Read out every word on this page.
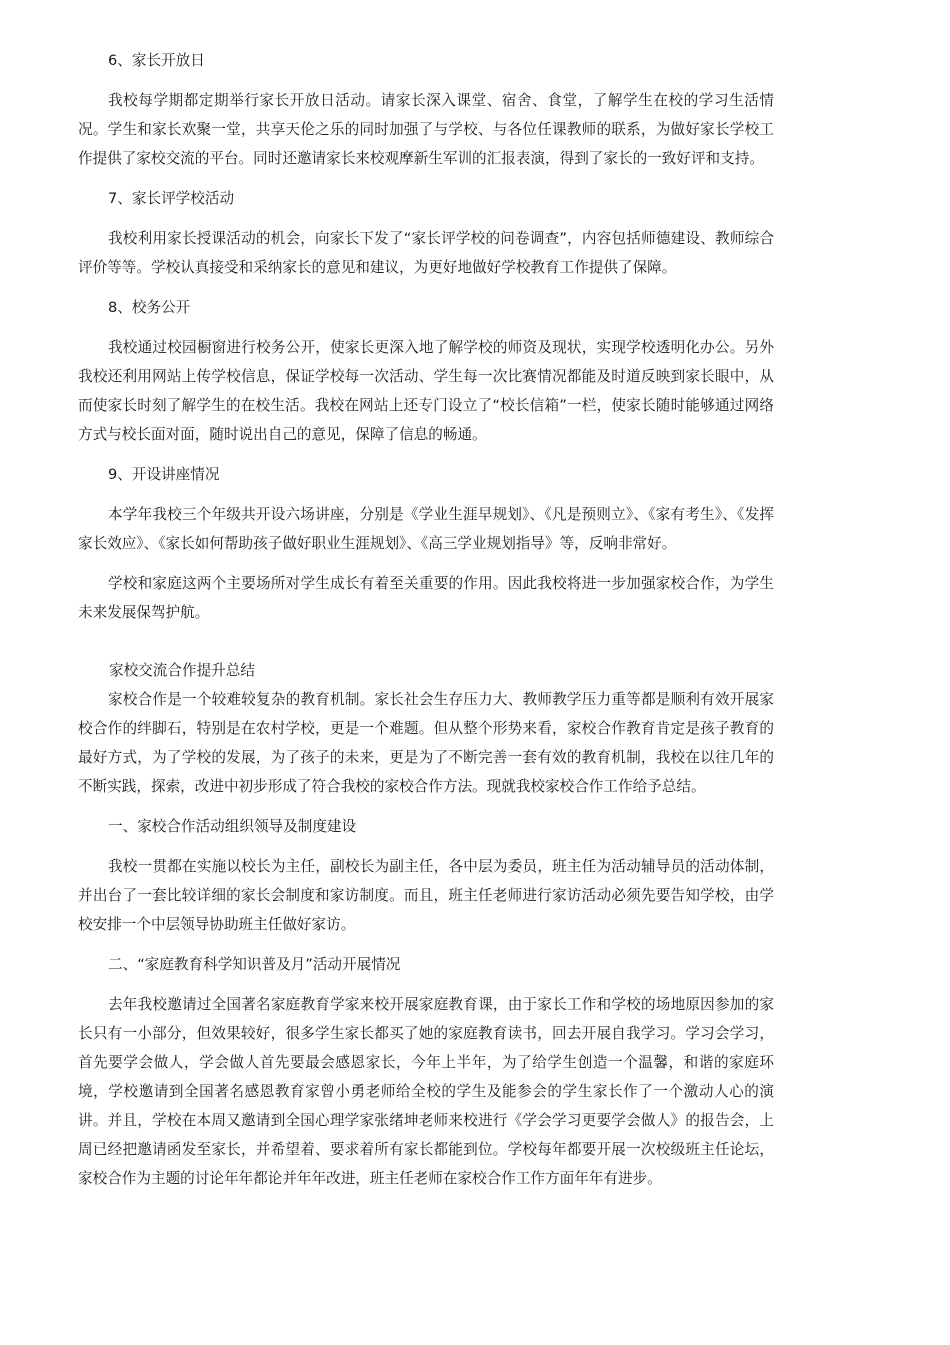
6、家长开放日

我校每学期都定期举行家长开放日活动。请家长深入课堂、宿舍、食堂，了解学生在校的学习生活情况。学生和家长欢聚一堂，共享天伦之乐的同时加强了与学校、与各位任课教师的联系，为做好家长学校工作提供了家校交流的平台。同时还邀请家长来校观摩新生军训的汇报表演，得到了家长的一致好评和支持。

7、家长评学校活动

我校利用家长授课活动的机会，向家长下发了“家长评学校的问卷调查”，内容包括师德建设、教师综合评价等等。学校认真接受和采纳家长的意见和建议，为更好地做好学校教育工作提供了保障。

8、校务公开

我校通过校园橱窗进行校务公开，使家长更深入地了解学校的师资及现状，实现学校透明化办公。另外我校还利用网站上传学校信息，保证学校每一次活动、学生每一次比赛情况都能及时道反映到家长眼中，从而使家长时刻了解学生的在校生活。我校在网站上还专门设立了“校长信箱”一栏，使家长随时能够通过网络方式与校长面对面，随时说出自己的意见，保障了信息的畅通。

9、开设讲座情况

本学年我校三个年级共开设六场讲座，分别是《学业生涯早规划》、《凡是预则立》、《家有考生》、《发挥家长效应》、《家长如何帮助孩子做好职业生涯规划》、《高三学业规划指导》等，反响非常好。

学校和家庭这两个主要场所对学生成长有着至关重要的作用。因此我校将进一步加强家校合作，为学生未来发展保驾护航。

家校交流合作提升总结

家校合作是一个较难较复杂的教育机制。家长社会生存压力大、教师教学压力重等都是顺利有效开展家校合作的绊脚石，特别是在农村学校，更是一个难题。但从整个形势来看，家校合作教育肯定是孩子教育的最好方式，为了学校的发展，为了孩子的未来，更是为了不断完善一套有效的教育机制，我校在以往几年的不断实践，探索，改进中初步形成了符合我校的家校合作方法。现就我校家校合作工作给予总结。

一、家校合作活动组织领导及制度建设

我校一贯都在实施以校长为主任，副校长为副主任，各中层为委员，班主任为活动辅导员的活动体制，并出台了一套比较详细的家长会制度和家访制度。而且，班主任老师进行家访活动必须先要告知学校，由学校安排一个中层领导协助班主任做好家访。

二、“家庭教育科学知识普及月”活动开展情况

去年我校邀请过全国著名家庭教育学家来校开展家庭教育课，由于家长工作和学校的场地原因参加的家长只有一小部分，但效果较好，很多学生家长都买了她的家庭教育读书，回去开展自我学习。学习会学习，首先要学会做人，学会做人首先要最会感恩家长，今年上半年，为了给学生创造一个温馨，和谐的家庭环境，学校邀请到全国著名感恩教育家曾小勇老师给全校的学生及能参会的学生家长作了一个激动人心的演讲。并且，学校在本周又邀请到全国心理学家张绪坤老师来校进行《学会学习更要学会做人》的报告会，上周已经把邀请函发至家长，并希望着、要求着所有家长都能到位。学校每年都要开展一次校级班主任论坛，家校合作为主题的讨论年年都论并年年改进，班主任老师在家校合作工作方面年年有进步。
